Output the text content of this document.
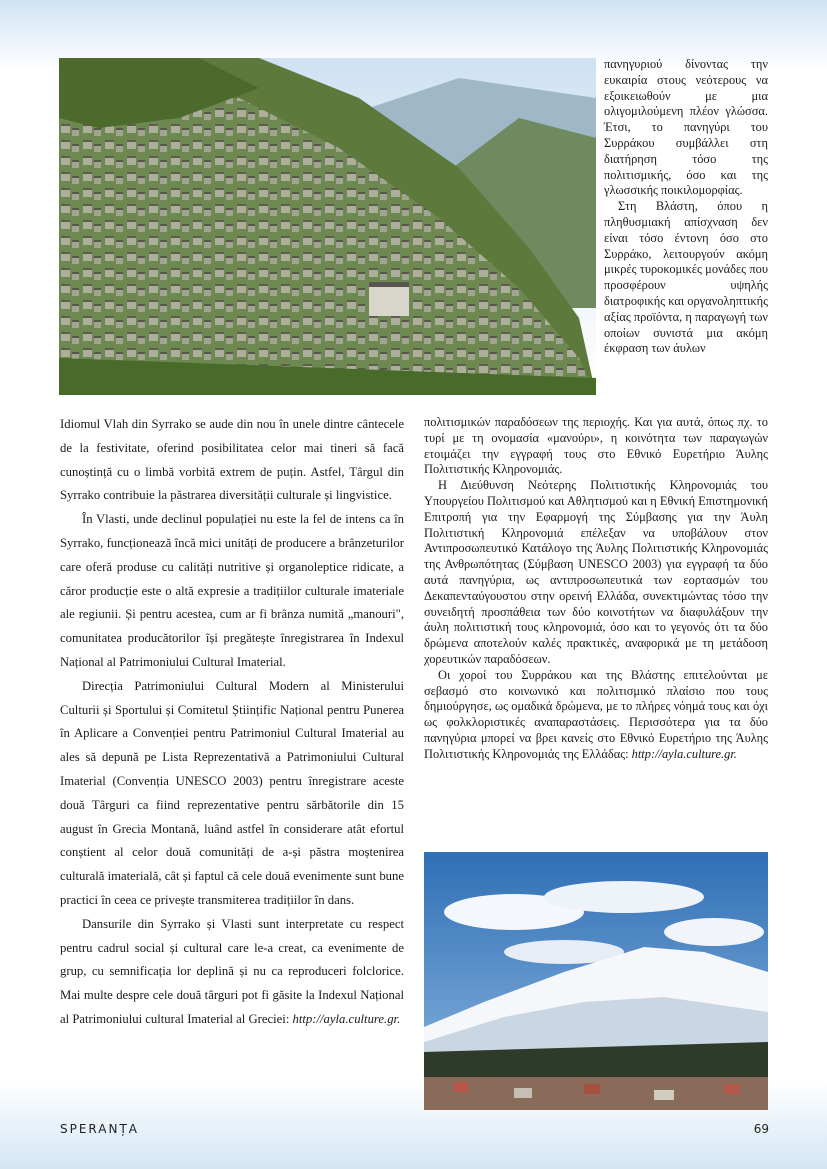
πανηγυριού δίνοντας την ευκαιρία στους νεότερους να εξοικειωθούν με μια ολιγομιλούμενη πλέον γλώσσα. Έτσι, το πανηγύρι του Συρράκου συμβάλλει στη διατήρηση τόσο της πολιτισμικής, όσο και της γλωσσικής ποικιλομορφίας.

Στη Βλάστη, όπου η πληθυσμιακή απίσχναση δεν είναι τόσο έντονη όσο στο Συρράκο, λειτουργούν ακόμη μικρές τυροκομικές μονάδες που προσφέρουν υψηλής διατροφικής και οργανοληπτικής αξίας προϊόντα, η παραγωγή των οποίων συνιστά μια ακόμη έκφραση των άυλων

Idiomul Vlah din Syrrako se aude din nou în unele dintre cântecele de la festivitate, oferind posibilitatea celor mai tineri să facă cunoștință cu o limbă vorbită extrem de puțin. Astfel, Târgul din Syrrako contribuie la păstrarea diversității culturale și lingvistice.

În Vlasti, unde declinul populației nu este la fel de intens ca în Syrrako, funcționează încă mici unități de producere a brânzeturilor care oferă produse cu calități nutritive și organoleptice ridicate, a căror producție este o altă expresie a tradițiilor culturale imateriale ale regiunii. Și pentru acestea, cum ar fi brânza numită „manouri", comunitatea producătorilor își pregătește înregistrarea în Indexul Național al Patrimoniului Cultural Imaterial.

Direcția Patrimoniului Cultural Modern al Ministerului Culturii și Sportului și Comitetul Științific Național pentru Punerea în Aplicare a Convenției pentru Patrimoniul Cultural Imaterial au ales să depună pe Lista Reprezentativă a Patrimoniului Cultural Imaterial (Convenția UNESCO 2003) pentru înregistrare aceste două Târguri ca fiind reprezentative pentru sărbătorile din 15 august în Grecia Montană, luând astfel în considerare atât efortul conștient al celor două comunități de a-și păstra moștenirea culturală imaterială, cât și faptul că cele două evenimente sunt bune practici în ceea ce privește transmiterea tradițiilor în dans.

Dansurile din Syrrako și Vlasti sunt interpretate cu respect pentru cadrul social și cultural care le-a creat, ca evenimente de grup, cu semnificația lor deplină și nu ca reproduceri folclorice. Mai multe despre cele două târguri pot fi găsite la Indexul Național al Patrimoniului cultural Imaterial al Greciei: http://ayla.culture.gr.

πολιτισμικών παραδόσεων της περιοχής. Και για αυτά, όπως πχ. το τυρί με τη ονομασία «μανούρι», η κοινότητα των παραγωγών ετοιμάζει την εγγραφή τους στο Εθνικό Ευρετήριο Άυλης Πολιτιστικής Κληρονομιάς.

Η Διεύθυνση Νεότερης Πολιτιστικής Κληρονομιάς του Υπουργείου Πολιτισμού και Αθλητισμού και η Εθνική Επιστημονική Επιτροπή για την Εφαρμογή της Σύμβασης για την Άυλη Πολιτιστική Κληρονομιά επέλεξαν να υποβάλουν στον Αντιπροσωπευτικό Κατάλογο της Άυλης Πολιτιστικής Κληρονομιάς της Ανθρωπότητας (Σύμβαση UNESCO 2003) για εγγραφή τα δύο αυτά πανηγύρια, ως αντιπροσωπευτικά των εορτασμών του Δεκαπενταύγουστου στην ορεινή Ελλάδα, συνεκτιμώντας τόσο την συνειδητή προσπάθεια των δύο κοινοτήτων να διαφυλάξουν την άυλη πολιτιστική τους κληρονομιά, όσο και το γεγονός ότι τα δύο δρώμενα αποτελούν καλές πρακτικές, αναφορικά με τη μετάδοση χορευτικών παραδόσεων.

Οι χοροί του Συρράκου και της Βλάστης επιτελούνται με σεβασμό στο κοινωνικό και πολιτισμικό πλαίσιο που τους δημιούργησε, ως ομαδικά δρώμενα, με το πλήρες νόημά τους και όχι ως φολκλοριστικές αναπαραστάσεις. Περισσότερα για τα δύο πανηγύρια μπορεί να βρει κανείς στο Εθνικό Ευρετήριο της Άυλης Πολιτιστικής Κληρονομιάς της Ελλάδας: http://ayla.culture.gr.

SPERANȚA	69
